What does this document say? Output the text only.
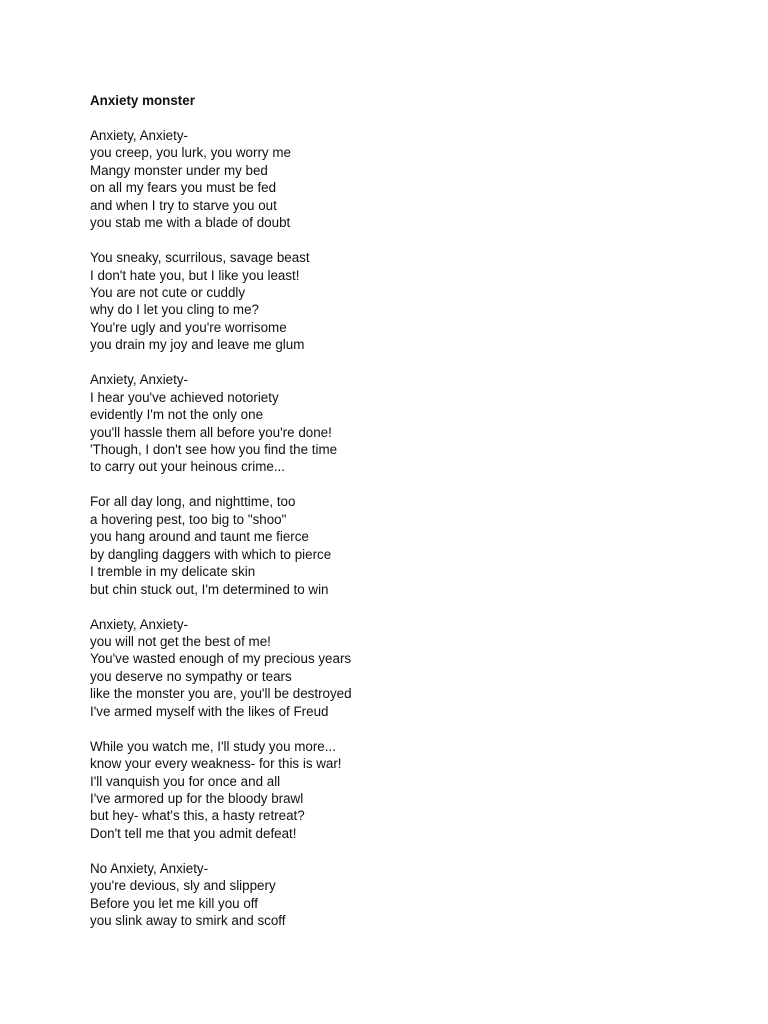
Anxiety monster

Anxiety, Anxiety-
you creep, you lurk, you worry me
Mangy monster under my bed
on all my fears you must be fed
and when I try to starve you out
you stab me with a blade of doubt
You sneaky, scurrilous, savage beast
I don't hate you, but I like you least!
You are not cute or cuddly
why do I let you cling to me?
You're ugly and you're worrisome
you drain my joy and leave me glum
Anxiety, Anxiety-
I hear you've achieved notoriety
evidently I'm not the only one
you'll hassle them all before you're done!
'Though, I don't see how you find the time
to carry out your heinous crime...
For all day long, and nighttime, too
a hovering pest, too big to "shoo"
you hang around and taunt me fierce
by dangling daggers with which to pierce
I tremble in my delicate skin
but chin stuck out, I'm determined to win
Anxiety, Anxiety-
you will not get the best of me!
You've wasted enough of my precious years
you deserve no sympathy or tears
like the monster you are, you'll be destroyed
I've armed myself with the likes of Freud
While you watch me, I'll study you more...
know your every weakness- for this is war!
I'll vanquish you for once and all
I've armored up for the bloody brawl
but hey- what's this, a hasty retreat?
Don't tell me that you admit defeat!
No Anxiety, Anxiety-
you're devious, sly and slippery
Before you let me kill you off
you slink away to smirk and scoff
